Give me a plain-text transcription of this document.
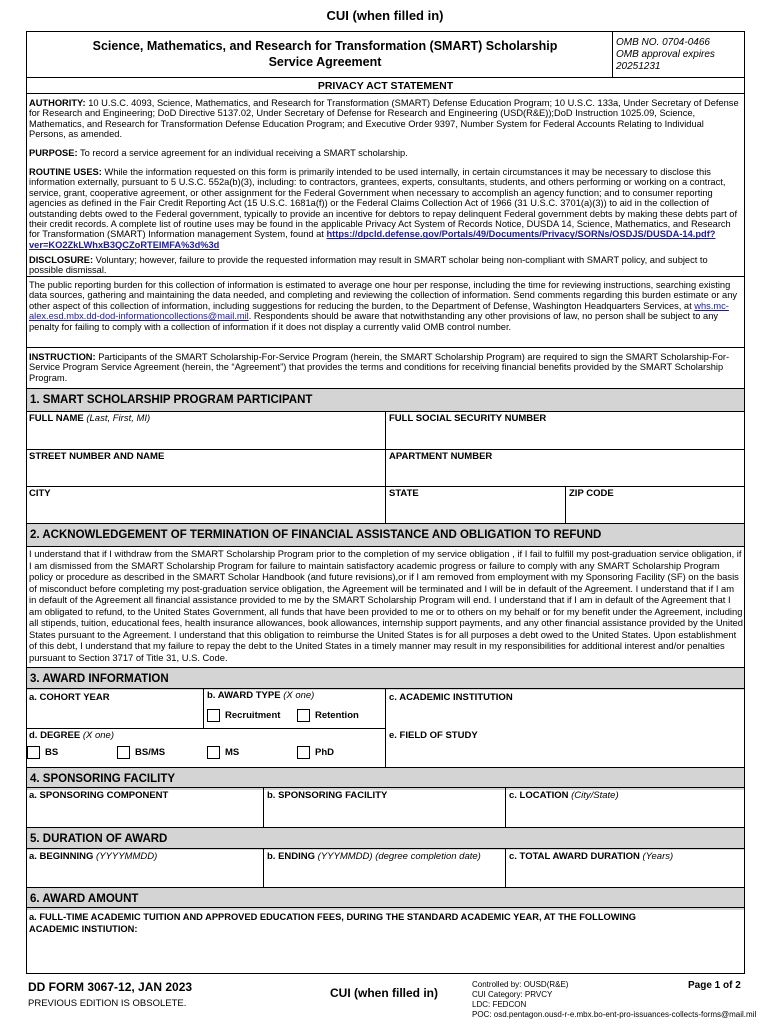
CUI (when filled in)
Science, Mathematics, and Research for Transformation (SMART) Scholarship
Service Agreement
OMB NO. 0704-0466
OMB approval expires
20251231
PRIVACY ACT STATEMENT
AUTHORITY: 10 U.S.C. 4093, Science, Mathematics, and Research for Transformation (SMART) Defense Education Program; 10 U.S.C. 133a, Under Secretary of Defense for Research and Engineering; DoD Directive 5137.02, Under Secretary of Defense for Research and Engineering (USD(R&E));DoD Instruction 1025.09, Science, Mathematics, and Research for Transformation Defense Education Program; and Executive Order 9397, Number System for Federal Accounts Relating to Individual Persons, as amended.
PURPOSE: To record a service agreement for an individual receiving a SMART scholarship.
ROUTINE USES: While the information requested on this form is primarily intended to be used internally, in certain circumstances it may be necessary to disclose this information externally, pursuant to 5 U.S.C. 552a(b)(3), including: to contractors, grantees, experts, consultants, students, and others performing or working on a contract, service, grant, cooperative agreement, or other assignment for the Federal Government when necessary to accomplish an agency function; and to consumer reporting agencies as defined in the Fair Credit Reporting Act (15 U.S.C. 1681a(f)) or the Federal Claims Collection Act of 1966 (31 U.S.C. 3701(a)(3)) to aid in the collection of outstanding debts owed to the Federal government, typically to provide an incentive for debtors to repay delinquent Federal government debts by making these debts part of their credit records. A complete list of routine uses may be found in the applicable Privacy Act System of Records Notice, DUSDA 14, Science, Mathematics, and Research for Transformation (SMART) Information management System, found at https://dpcld.defense.gov/Portals/49/Documents/Privacy/SORNs/OSDJS/DUSDA-14.pdf?ver=KO2ZkLWhxB3QCZoRTEIMFA%3d%3d
DISCLOSURE: Voluntary; however, failure to provide the requested information may result in SMART scholar being non-compliant with SMART policy, and subject to possible dismissal.
The public reporting burden for this collection of information is estimated to average one hour per response, including the time for reviewing instructions, searching existing data sources, gathering and maintaining the data needed, and completing and reviewing the collection of information. Send comments regarding this burden estimate or any other aspect of this collection of information, including suggestions for reducing the burden, to the Department of Defense, Washington Headquarters Services, at whs.mc-alex.esd.mbx.dd-dod-informationcollections@mail.mil. Respondents should be aware that notwithstanding any other provisions of law, no person shall be subject to any penalty for failing to comply with a collection of information if it does not display a currently valid OMB control number.
INSTRUCTION: Participants of the SMART Scholarship-For-Service Program (herein, the SMART Scholarship Program) are required to sign the SMART Scholarship-For-Service Program Service Agreement (herein, the “Agreement”) that provides the terms and conditions for receiving financial benefits provided by the SMART Scholarship Program.
1. SMART SCHOLARSHIP PROGRAM PARTICIPANT
FULL NAME (Last, First, MI)	FULL SOCIAL SECURITY NUMBER
STREET NUMBER AND NAME	APARTMENT NUMBER
CITY	STATE	ZIP CODE
2. ACKNOWLEDGEMENT OF TERMINATION OF FINANCIAL ASSISTANCE AND OBLIGATION TO REFUND
I understand that if I withdraw from the SMART Scholarship Program prior to the completion of my service obligation , if I fail to fulfill my post-graduation service obligation, if I am dismissed from the SMART Scholarship Program for failure to maintain satisfactory academic progress or failure to comply with any SMART Scholarship Program policy or procedure as described in the SMART Scholar Handbook (and future revisions),or if I am removed from employment with my Sponsoring Facility (SF) on the basis of misconduct before completing my post-graduation service obligation, the Agreement will be terminated and I will be in default of the Agreement. I understand that if I am in default of the Agreement all financial assistance provided to me by the SMART Scholarship Program will end. I understand that if I am in default of the Agreement that I am obligated to refund, to the United States Government, all funds that have been provided to me or to others on my behalf or for my benefit under the Agreement, including all stipends, tuition, educational fees, health insurance allowances, book allowances, internship support payments, and any other financial assistance provided by the United States pursuant to the Agreement. I understand that this obligation to reimburse the United States is for all purposes a debt owed to the United States. Upon establishment of this debt, I understand that my failure to repay the debt to the United States in a timely manner may result in my responsibilities for additional interest and/or penalties pursuant to Section 3717 of Title 31, U.S. Code.
3. AWARD INFORMATION
a. COHORT YEAR	b. AWARD TYPE (X one)
Recruitment	Retention
c. ACADEMIC INSTITUTION
d. DEGREE (X one)
BS	BS/MS	MS	PhD
e. FIELD OF STUDY
4. SPONSORING FACILITY
a. SPONSORING COMPONENT	b. SPONSORING FACILITY	c. LOCATION (City/State)
5. DURATION OF AWARD
a. BEGINNING (YYYYMMDD)	b. ENDING (YYYMMDD) (degree completion date)	c. TOTAL AWARD DURATION (Years)
6. AWARD AMOUNT
a. FULL-TIME ACADEMIC TUITION AND APPROVED EDUCATION FEES, DURING THE STANDARD ACADEMIC YEAR, AT THE FOLLOWING
ACADEMIC INSTIUTION:
DD FORM 3067-12, JAN 2023
PREVIOUS EDITION IS OBSOLETE.
CUI (when filled in)
Controlled by: OUSD(R&E)
CUI Category: PRVCY
LDC: FEDCON
POC: osd.pentagon.ousd-r-e.mbx.bo-ent-pro-issuances-collects-forms@mail.mil
Page 1 of 2
